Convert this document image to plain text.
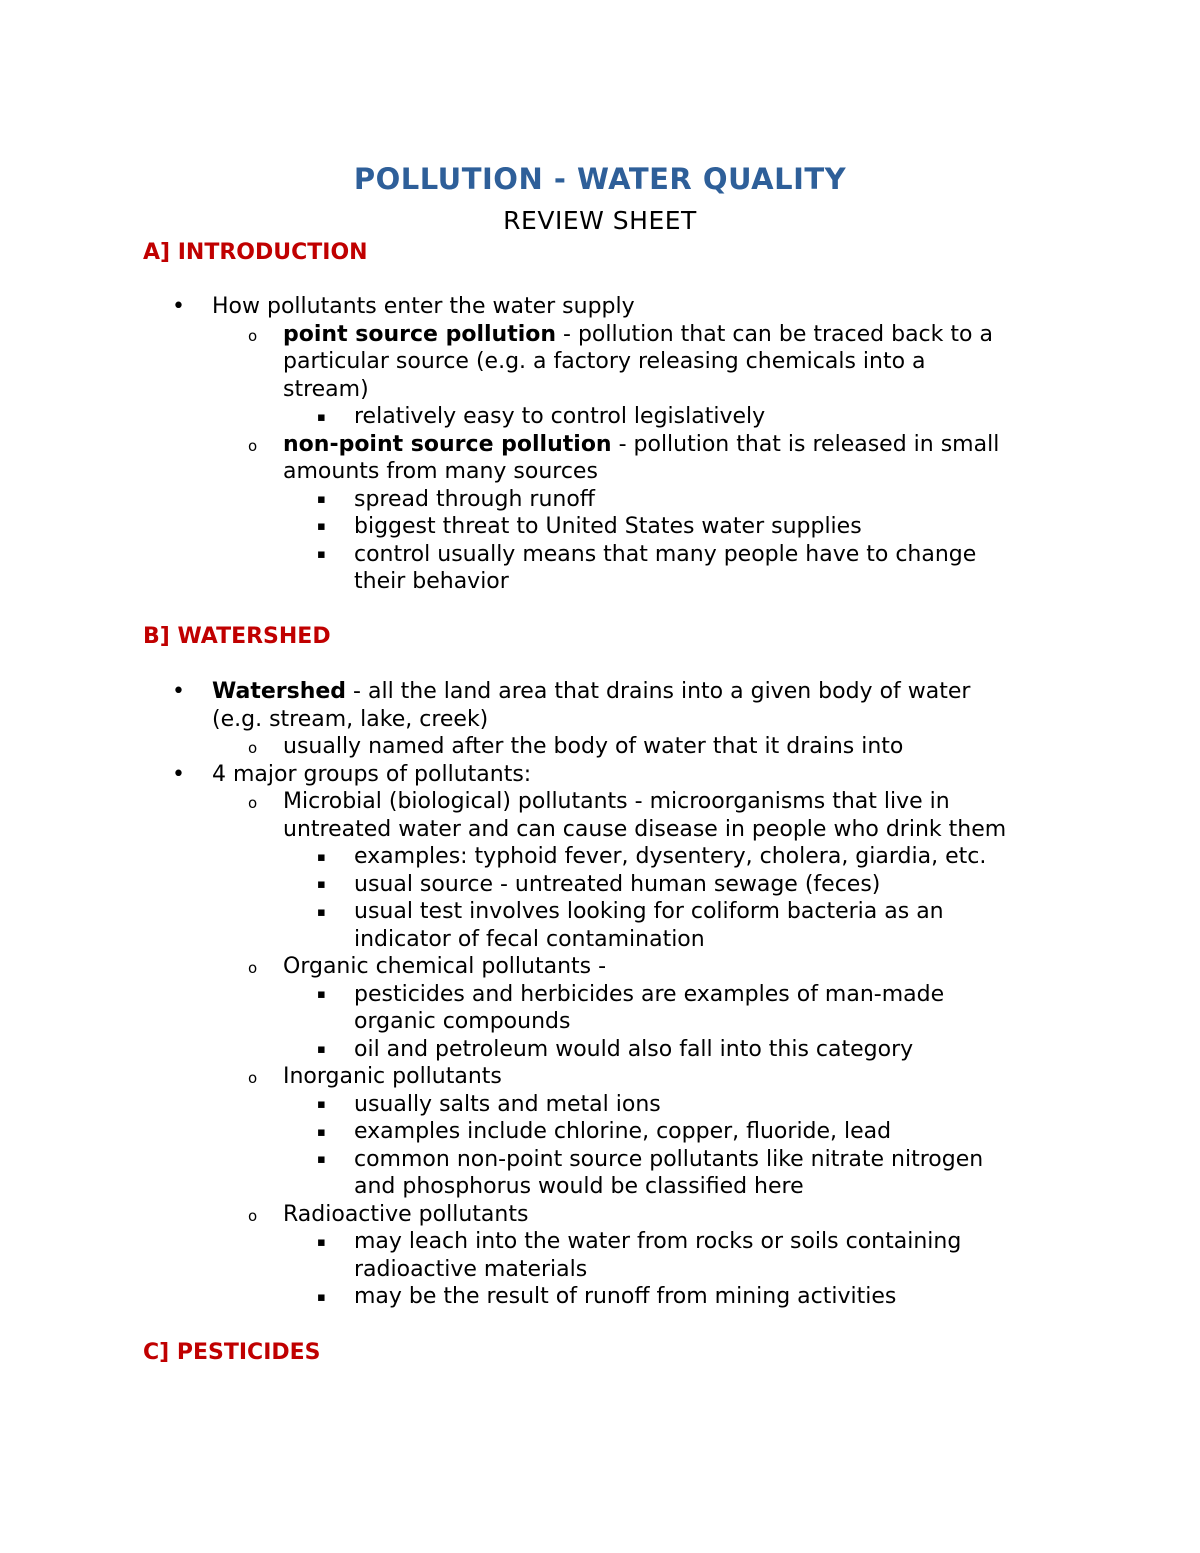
POLLUTION - WATER QUALITY
REVIEW SHEET
A] INTRODUCTION
• How pollutants enter the water supply
o point source pollution - pollution that can be traced back to a
particular source (e.g. a factory releasing chemicals into a
stream)
▪ relatively easy to control legislatively
o non-point source pollution - pollution that is released in small
amounts from many sources
▪ spread through runoff
▪ biggest threat to United States water supplies
▪ control usually means that many people have to change
their behavior
B] WATERSHED
• Watershed - all the land area that drains into a given body of water
(e.g. stream, lake, creek)
o usually named after the body of water that it drains into
• 4 major groups of pollutants:
o Microbial (biological) pollutants - microorganisms that live in
untreated water and can cause disease in people who drink them
▪ examples: typhoid fever, dysentery, cholera, giardia, etc.
▪ usual source - untreated human sewage (feces)
▪ usual test involves looking for coliform bacteria as an
indicator of fecal contamination
o Organic chemical pollutants -
▪ pesticides and herbicides are examples of man-made
organic compounds
▪ oil and petroleum would also fall into this category
o Inorganic pollutants
▪ usually salts and metal ions
▪ examples include chlorine, copper, fluoride, lead
▪ common non-point source pollutants like nitrate nitrogen
and phosphorus would be classified here
o Radioactive pollutants
▪ may leach into the water from rocks or soils containing
radioactive materials
▪ may be the result of runoff from mining activities
C] PESTICIDES
